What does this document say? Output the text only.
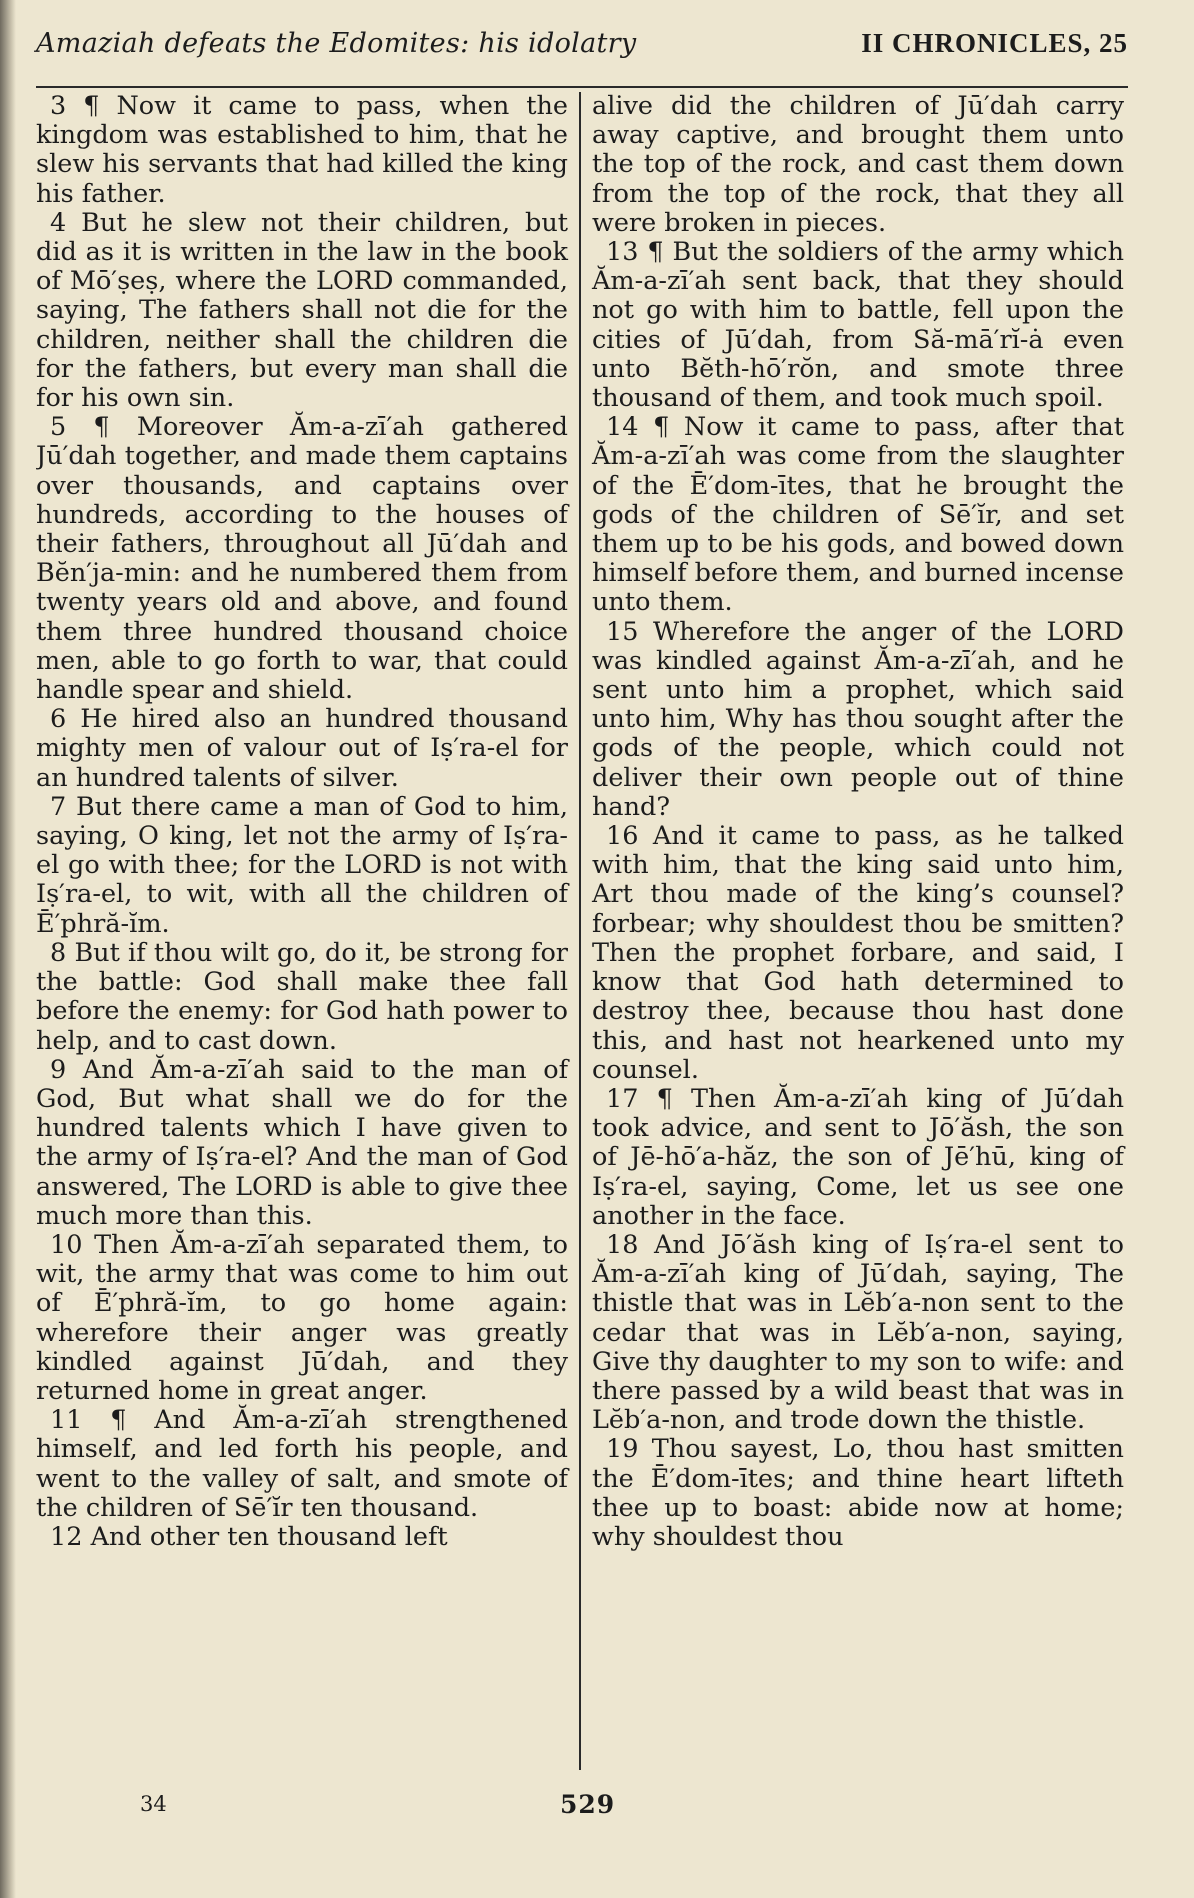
Amaziah defeats the Edomites: his idolatry	II CHRONICLES, 25

3 ¶ Now it came to pass, when the kingdom was established to him, that he slew his servants that had killed the king his father.

4 But he slew not their children, but did as it is written in the law in the book of Mō′ṣeṣ, where the LORD commanded, saying, The fathers shall not die for the children, neither shall the children die for the fathers, but every man shall die for his own sin.

5 ¶ Moreover Ăm-a-zī′ah gathered Jū′dah together, and made them captains over thousands, and captains over hundreds, according to the houses of their fathers, throughout all Jū′dah and Bĕn′ja-min: and he numbered them from twenty years old and above, and found them three hundred thousand choice men, able to go forth to war, that could handle spear and shield.

6 He hired also an hundred thousand mighty men of valour out of Iṣ′ra-el for an hundred talents of silver.

7 But there came a man of God to him, saying, O king, let not the army of Iṣ′ra-el go with thee; for the LORD is not with Iṣ′ra-el, to wit, with all the children of Ē′phră-ĭm.

8 But if thou wilt go, do it, be strong for the battle: God shall make thee fall before the enemy: for God hath power to help, and to cast down.

9 And Ăm-a-zī′ah said to the man of God, But what shall we do for the hundred talents which I have given to the army of Iṣ′ra-el? And the man of God answered, The LORD is able to give thee much more than this.

10 Then Ăm-a-zī′ah separated them, to wit, the army that was come to him out of Ē′phră-ĭm, to go home again: wherefore their anger was greatly kindled against Jū′dah, and they returned home in great anger.

11 ¶ And Ăm-a-zī′ah strengthened himself, and led forth his people, and went to the valley of salt, and smote of the children of Sē′ĭr ten thousand.

12 And other ten thousand left

alive did the children of Jū′dah carry away captive, and brought them unto the top of the rock, and cast them down from the top of the rock, that they all were broken in pieces.

13 ¶ But the soldiers of the army which Ăm-a-zī′ah sent back, that they should not go with him to battle, fell upon the cities of Jū′dah, from Să-mā′rĭ-ȧ even unto Bĕth-hō′rŏn, and smote three thousand of them, and took much spoil.

14 ¶ Now it came to pass, after that Ăm-a-zī′ah was come from the slaughter of the Ē′dom-ītes, that he brought the gods of the children of Sē′ĭr, and set them up to be his gods, and bowed down himself before them, and burned incense unto them.

15 Wherefore the anger of the LORD was kindled against Ăm-a-zī′ah, and he sent unto him a prophet, which said unto him, Why has thou sought after the gods of the people, which could not deliver their own people out of thine hand?

16 And it came to pass, as he talked with him, that the king said unto him, Art thou made of the king’s counsel? forbear; why shouldest thou be smitten? Then the prophet forbare, and said, I know that God hath determined to destroy thee, because thou hast done this, and hast not hearkened unto my counsel.

17 ¶ Then Ăm-a-zī′ah king of Jū′dah took advice, and sent to Jō′ăsh, the son of Jē-hō′a-hăz, the son of Jē′hū, king of Iṣ′ra-el, saying, Come, let us see one another in the face.

18 And Jō′ăsh king of Iṣ′ra-el sent to Ăm-a-zī′ah king of Jū′dah, saying, The thistle that was in Lĕb′a-non sent to the cedar that was in Lĕb′a-non, saying, Give thy daughter to my son to wife: and there passed by a wild beast that was in Lĕb′a-non, and trode down the thistle.

19 Thou sayest, Lo, thou hast smitten the Ē′dom-ītes; and thine heart lifteth thee up to boast: abide now at home; why shouldest thou

34	529
